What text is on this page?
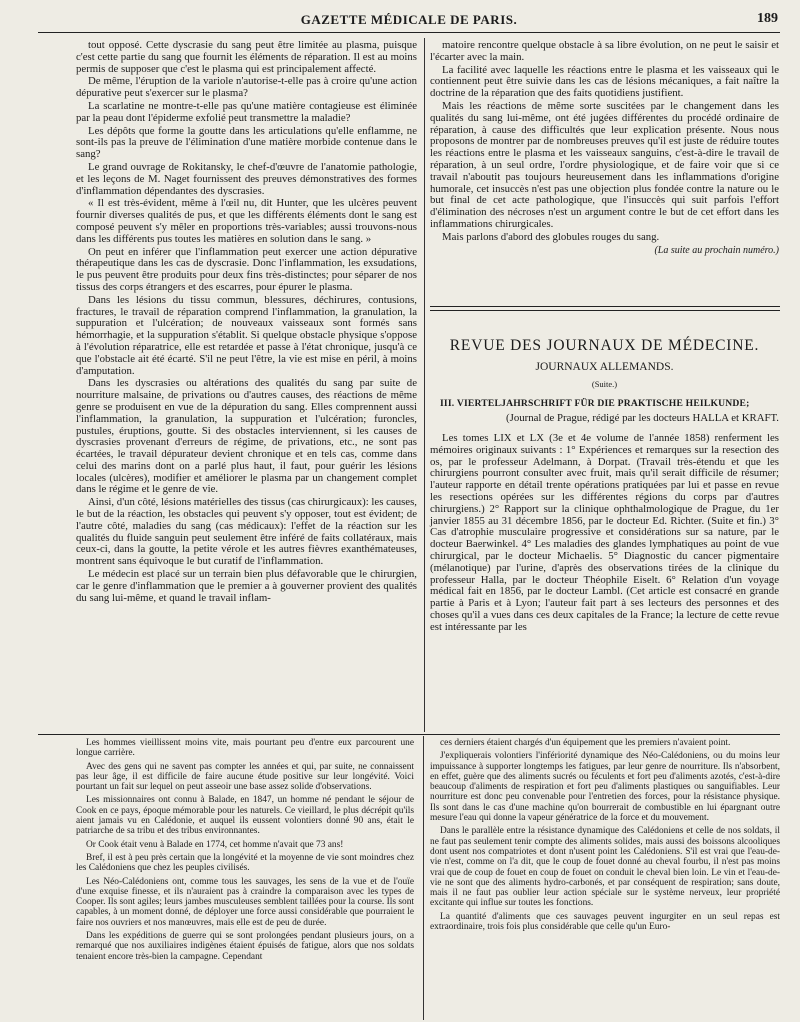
GAZETTE MÉDICALE DE PARIS.	189

tout opposé. Cette dyscrasie du sang peut être limitée au plasma, puisque c'est cette partie du sang que fournit les éléments de réparation. Il est au moins permis de supposer que c'est le plasma qui est principalement affecté.

De même, l'éruption de la variole n'autorise-t-elle pas à croire qu'une action dépurative peut s'exercer sur le plasma?

La scarlatine ne montre-t-elle pas qu'une matière contagieuse est éliminée par la peau dont l'épiderme exfolié peut transmettre la maladie?

Les dépôts que forme la goutte dans les articulations qu'elle enflamme, ne sont-ils pas la preuve de l'élimination d'une matière morbide contenue dans le sang?

Le grand ouvrage de Rokitansky, le chef-d'œuvre de l'anatomie pathologie, et les leçons de M. Naget fournissent des preuves démonstratives des formes d'inflammation dépendantes des dyscrasies.

« Il est très-évident, même à l'œil nu, dit Hunter, que les ulcères peuvent fournir diverses qualités de pus, et que les différents éléments dont le sang est composé peuvent s'y mêler en proportions très-variables; aussi trouvons-nous dans les différents pus toutes les matières en solution dans le sang. »

On peut en inférer que l'inflammation peut exercer une action dépurative thérapeutique dans les cas de dyscrasie. Donc l'inflammation, les exsudations, le pus peuvent être produits pour deux fins très-distinctes; pour séparer de nos tissus des corps étrangers et des escarres, pour épurer le plasma.

Dans les lésions du tissu commun, blessures, déchirures, contusions, fractures, le travail de réparation comprend l'inflammation, la granulation, la suppuration et l'ulcération; de nouveaux vaisseaux sont formés sans hémorrhagie, et la suppuration s'établit. Si quelque obstacle physique s'oppose à l'évolution réparatrice, elle est retardée et passe à l'état chronique, jusqu'à ce que l'obstacle ait été écarté. S'il ne peut l'être, la vie est mise en péril, à moins d'amputation.

Dans les dyscrasies ou altérations des qualités du sang par suite de nourriture malsaine, de privations ou d'autres causes, des réactions de même genre se produisent en vue de la dépuration du sang. Elles comprennent aussi l'inflammation, la granulation, la suppuration et l'ulcération; furoncles, pustules, éruptions, goutte. Si des obstacles interviennent, si les causes de dyscrasies provenant d'erreurs de régime, de privations, etc., ne sont pas écartées, le travail dépurateur devient chronique et en tels cas, comme dans celui des marins dont on a parlé plus haut, il faut, pour guérir les lésions locales (ulcères), modifier et améliorer le plasma par un changement complet dans le régime et le genre de vie.

Ainsi, d'un côté, lésions matérielles des tissus (cas chirurgicaux): les causes, le but de la réaction, les obstacles qui peuvent s'y opposer, tout est évident; de l'autre côté, maladies du sang (cas médicaux): l'effet de la réaction sur les qualités du fluide sanguin peut seulement être inféré de faits collatéraux, mais ceux-ci, dans la goutte, la petite vérole et les autres fièvres exanthémateuses, montrent sans équivoque le but curatif de l'inflammation.

Le médecin est placé sur un terrain bien plus défavorable que le chirurgien, car le genre d'inflammation que le premier a à gouverner provient des qualités du sang lui-même, et quand le travail inflam-

matoire rencontre quelque obstacle à sa libre évolution, on ne peut le saisir et l'écarter avec la main.

La facilité avec laquelle les réactions entre le plasma et les vaisseaux qui le contiennent peut être suivie dans les cas de lésions mécaniques, a fait naître la doctrine de la réparation que des faits quotidiens justifient.

Mais les réactions de même sorte suscitées par le changement dans les qualités du sang lui-même, ont été jugées différentes du procédé ordinaire de réparation, à cause des difficultés que leur explication présente. Nous nous proposons de montrer par de nombreuses preuves qu'il est juste de réduire toutes les réactions entre le plasma et les vaisseaux sanguins, c'est-à-dire le travail de réparation, à un seul ordre, l'ordre physiologique, et de faire voir que si ce travail n'aboutit pas toujours heureusement dans les inflammations d'origine humorale, cet insuccès n'est pas une objection plus fondée contre la nature ou le but final de cet acte pathologique, que l'insuccès qui suit parfois l'effort d'élimination des nécroses n'est un argument contre le but de cet effort dans les inflammations chirurgicales.

Mais parlons d'abord des globules rouges du sang.

(La suite au prochain numéro.)

REVUE DES JOURNAUX DE MÉDECINE.
JOURNAUX ALLEMANDS.
(Suite.)
III. VIERTELJAHRSCHRIFT FÜR DIE PRAKTISCHE HEILKUNDE;
(Journal de Prague, rédigé par les docteurs HALLA et KRAFT.

Les tomes LIX et LX (3e et 4e volume de l'année 1858) renferment les mémoires originaux suivants : 1° Expériences et remarques sur la resection des os, par le professeur Adelmann, à Dorpat. (Travail très-étendu et que les chirurgiens pourront consulter avec fruit, mais qu'il serait difficile de résumer; l'auteur rapporte en détail trente opérations pratiquées par lui et passe en revue les resections opérées sur les différentes régions du corps par d'autres chirurgiens.) 2° Rapport sur la clinique ophthalmologique de Prague, du 1er janvier 1855 au 31 décembre 1856, par le docteur Ed. Richter. (Suite et fin.) 3° Cas d'atrophie musculaire progressive et considérations sur sa nature, par le docteur Baerwinkel. 4° Les maladies des glandes lymphatiques au point de vue chirurgical, par le docteur Michaelis. 5° Diagnostic du cancer pigmentaire (mélanotique) par l'urine, d'après des observations tirées de la clinique du professeur Halla, par le docteur Théophile Eiselt. 6° Relation d'un voyage médical fait en 1856, par le docteur Lambl. (Cet article est consacré en grande partie à Paris et à Lyon; l'auteur fait part à ses lecteurs des personnes et des choses qu'il a vues dans ces deux capitales de la France; la lecture de cette revue est intéressante par les

Les hommes vieillissent moins vite, mais pourtant peu d'entre eux parcourent une longue carrière.

Avec des gens qui ne savent pas compter les années et qui, par suite, ne connaissent pas leur âge, il est difficile de faire aucune étude positive sur leur longévité. Voici pourtant un fait sur lequel on peut asseoir une base assez solide d'observations.

Les missionnaires ont connu à Balade, en 1847, un homme né pendant le séjour de Cook en ce pays, époque mémorable pour les naturels. Ce vieillard, le plus décrépit qu'ils aient jamais vu en Calédonie, et auquel ils eussent volontiers donné 90 ans, était le patriarche de sa tribu et des tribus environnantes.

Or Cook était venu à Balade en 1774, cet homme n'avait que 73 ans!

Bref, il est à peu près certain que la longévité et la moyenne de vie sont moindres chez les Calédoniens que chez les peuples civilisés.

Les Néo-Calédoniens ont, comme tous les sauvages, les sens de la vue et de l'ouïe d'une exquise finesse, et ils n'auraient pas à craindre la comparaison avec les types de Cooper. Ils sont agiles; leurs jambes musculeuses semblent taillées pour la course. Ils sont capables, à un moment donné, de déployer une force aussi considérable que pourraient le faire nos ouvriers et nos manœuvres, mais elle est de peu de durée.

Dans les expéditions de guerre qui se sont prolongées pendant plusieurs jours, on a remarqué que nos auxiliaires indigènes étaient épuisés de fatigue, alors que nos soldats tenaient encore très-bien la campagne. Cependant

ces derniers étaient chargés d'un équipement que les premiers n'avaient point.

J'expliquerais volontiers l'infériorité dynamique des Néo-Calédoniens, ou du moins leur impuissance à supporter longtemps les fatigues, par leur genre de nourriture. Ils n'absorbent, en effet, guère que des aliments sucrés ou féculents et fort peu d'aliments azotés, c'est-à-dire beaucoup d'aliments de respiration et fort peu d'aliments plastiques ou sanguifiables. Leur nourriture est donc peu convenable pour l'entretien des forces, pour la résistance physique. Ils sont dans le cas d'une machine qu'on bourrerait de combustible en lui épargnant outre mesure l'eau qui donne la vapeur génératrice de la force et du mouvement.

Dans le parallèle entre la résistance dynamique des Calédoniens et celle de nos soldats, il ne faut pas seulement tenir compte des aliments solides, mais aussi des boissons alcooliques dont usent nos compatriotes et dont n'usent point les Calédoniens. S'il est vrai que l'eau-de-vie n'est, comme on l'a dit, que le coup de fouet donné au cheval fourbu, il n'est pas moins vrai que de coup de fouet en coup de fouet on conduit le cheval bien loin. Le vin et l'eau-de-vie ne sont que des aliments hydro-carbonés, et par conséquent de respiration; sans doute, mais il ne faut pas oublier leur action spéciale sur le système nerveux, leur propriété excitante qui influe sur toutes les fonctions.

La quantité d'aliments que ces sauvages peuvent ingurgiter en un seul repas est extraordinaire, trois fois plus considérable que celle qu'un Euro-
